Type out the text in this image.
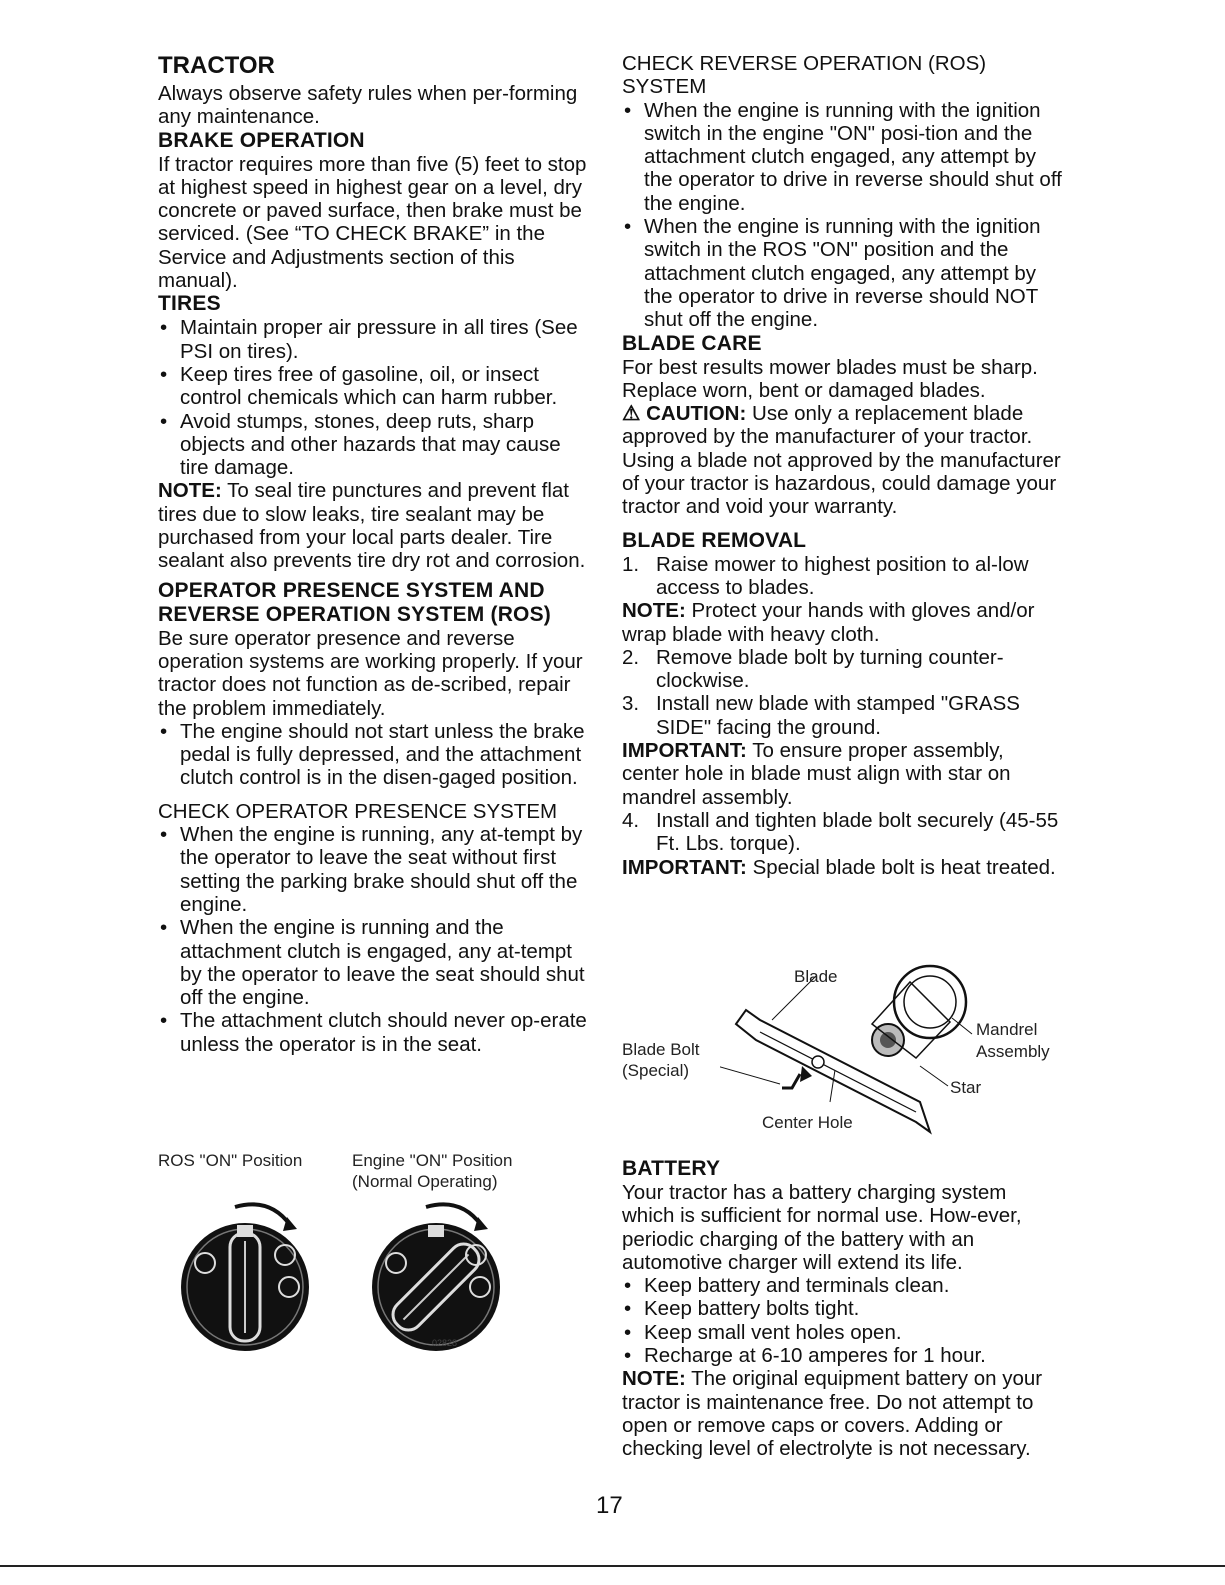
TRACTOR

Always observe safety rules when per-forming any maintenance.

BRAKE OPERATION

If tractor requires more than five (5) feet to stop at highest speed in highest gear on a level, dry concrete or paved surface, then brake must be serviced. (See “TO CHECK BRAKE” in the Service and Adjustments section of this manual).

TIRES
• Maintain proper air pressure in all tires (See PSI on tires).
• Keep tires free of gasoline, oil, or insect control chemicals which can harm rubber.
• Avoid stumps, stones, deep ruts, sharp objects and other hazards that may cause tire damage.

NOTE: To seal tire punctures and prevent flat tires due to slow leaks, tire sealant may be purchased from your local parts dealer. Tire sealant also prevents tire dry rot and corrosion.

OPERATOR PRESENCE SYSTEM AND REVERSE OPERATION SYSTEM (ROS)

Be sure operator presence and reverse operation systems are working properly. If your tractor does not function as de-scribed, repair the problem immediately.

• The engine should not start unless the brake pedal is fully depressed, and the attachment clutch control is in the disen-gaged position.

CHECK OPERATOR PRESENCE SYSTEM

• When the engine is running, any at-tempt by the operator to leave the seat without first setting the parking brake should shut off the engine.
• When the engine is running and the attachment clutch is engaged, any at-tempt by the operator to leave the seat should shut off the engine.
• The attachment clutch should never op-erate unless the operator is in the seat.
ROS "ON" Position	Engine "ON" Position
(Normal Operating)
02828

CHECK REVERSE OPERATION (ROS) SYSTEM

• When the engine is running with the ignition switch in the engine "ON" posi-tion and the attachment clutch engaged, any attempt by the operator to drive in reverse should shut off the engine.
• When the engine is running with the ignition switch in the ROS "ON" position and the attachment clutch engaged, any attempt by the operator to drive in reverse should NOT shut off the engine.
BLADE CARE

For best results mower blades must be sharp. Replace worn, bent or damaged blades.

⚠ CAUTION: Use only a replacement blade approved by the manufacturer of your tractor. Using a blade not approved by the manufacturer of your tractor is hazardous, could damage your tractor and void your warranty.

BLADE REMOVAL
1. Raise mower to highest position to al-low access to blades.

NOTE: Protect your hands with gloves and/or wrap blade with heavy cloth.

2. Remove blade bolt by turning counter-clockwise.
3. Install new blade with stamped "GRASS SIDE" facing the ground.

IMPORTANT: To ensure proper assembly, center hole in blade must align with star on mandrel assembly.

4. Install and tighten blade bolt securely (45-55 Ft. Lbs. torque).

IMPORTANT: Special blade bolt is heat treated.

Blade
Mandrel
Assembly
Blade Bolt
(Special)
Star
Center Hole
BATTERY

Your tractor has a battery charging system which is sufficient for normal use. How-ever, periodic charging of the battery with an automotive charger will extend its life.

• Keep battery and terminals clean.
• Keep battery bolts tight.
• Keep small vent holes open.
• Recharge at 6-10 amperes for 1 hour.

NOTE: The original equipment battery on your tractor is maintenance free. Do not attempt to open or remove caps or covers. Adding or checking level of electrolyte is not necessary.

17
